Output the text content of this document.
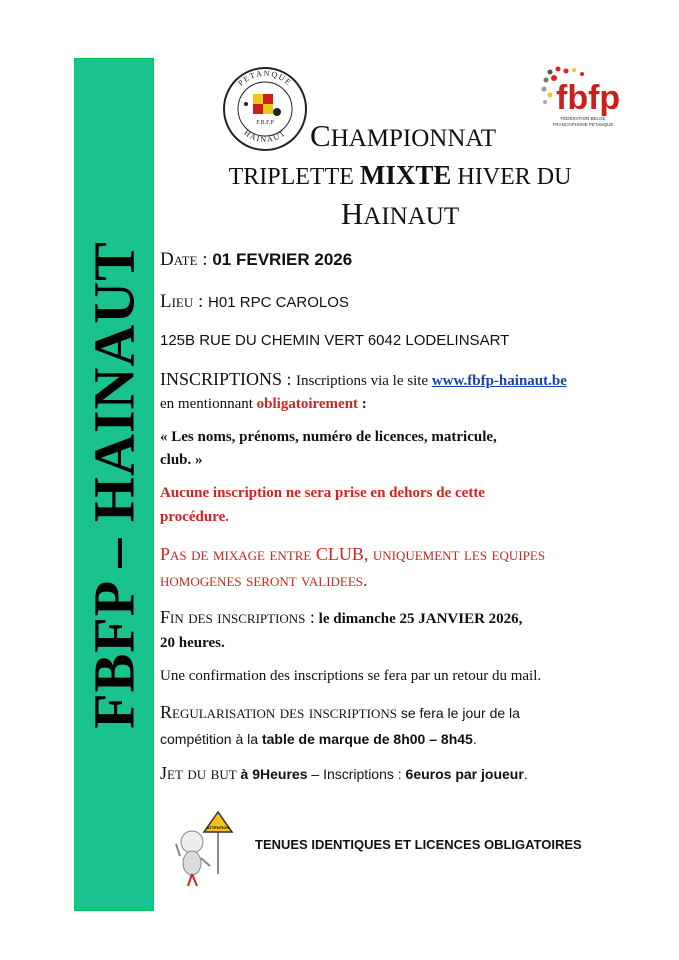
FBFP – HAINAUT
PETANQUE
HAINAUT
F.B.F.P
fbfp
FÉDÉRATION BELGE
FRANCOPHONE PÉTANQUE
CHAMPIONNAT
TRIPLETTE MIXTE HIVER DU
HAINAUT
Date : 01 FEVRIER 2026
Lieu : H01 RPC CAROLOS
125B RUE DU CHEMIN VERT 6042 LODELINSART
INSCRIPTIONS : Inscriptions via le site www.fbfp-hainaut.be
en mentionnant obligatoirement :
« Les noms, prénoms, numéro de licences, matricule,
club. »
Aucune inscription ne sera prise en dehors de cette
procédure.
Pas de mixage entre CLUB, uniquement les equipes
homogenes seront validees.
Fin des inscriptions : le dimanche 25 JANVIER 2026,
20 heures.
Une confirmation des inscriptions se fera par un retour du mail.
Regularisation des inscriptions se fera le jour de la
compétition à la table de marque de 8h00 – 8h45.
Jet du but à 9Heures – Inscriptions : 6euros par joueur.
ATTENTION
TENUES IDENTIQUES ET LICENCES OBLIGATOIRES
